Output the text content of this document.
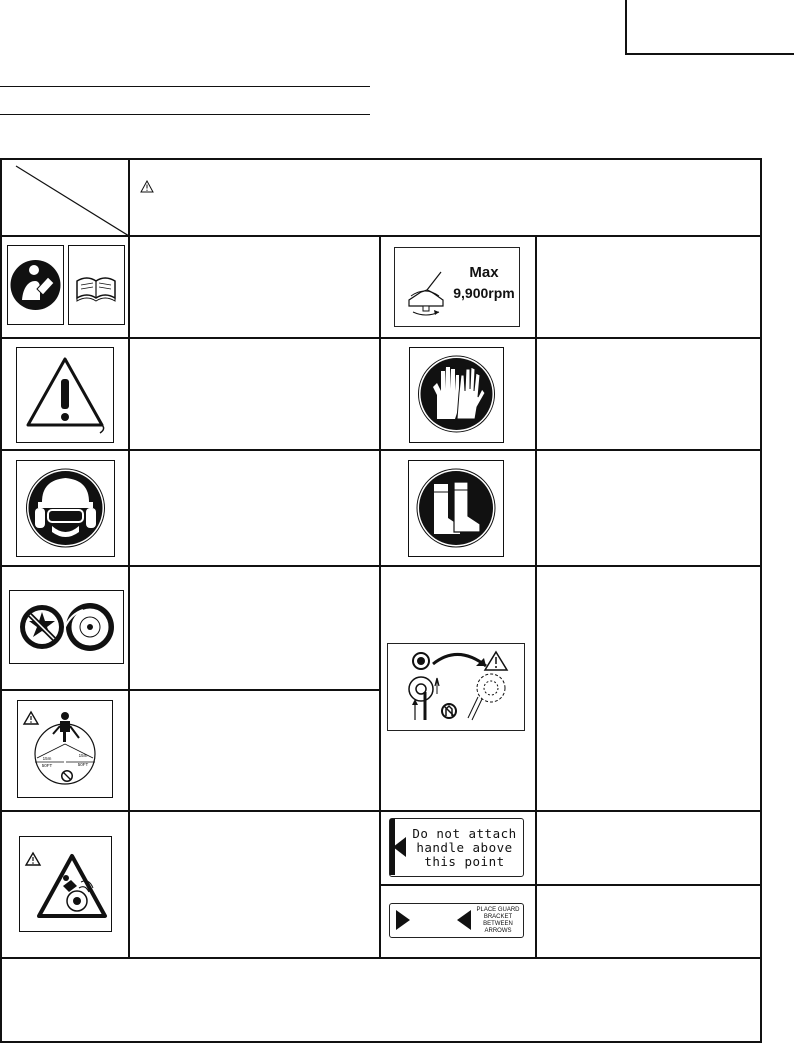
Max
9,900rpm
15m
50FT
15m
50FT
Do not attach
handle above
this point
PLACE GUARD
BRACKET
BETWEEN
ARROWS
